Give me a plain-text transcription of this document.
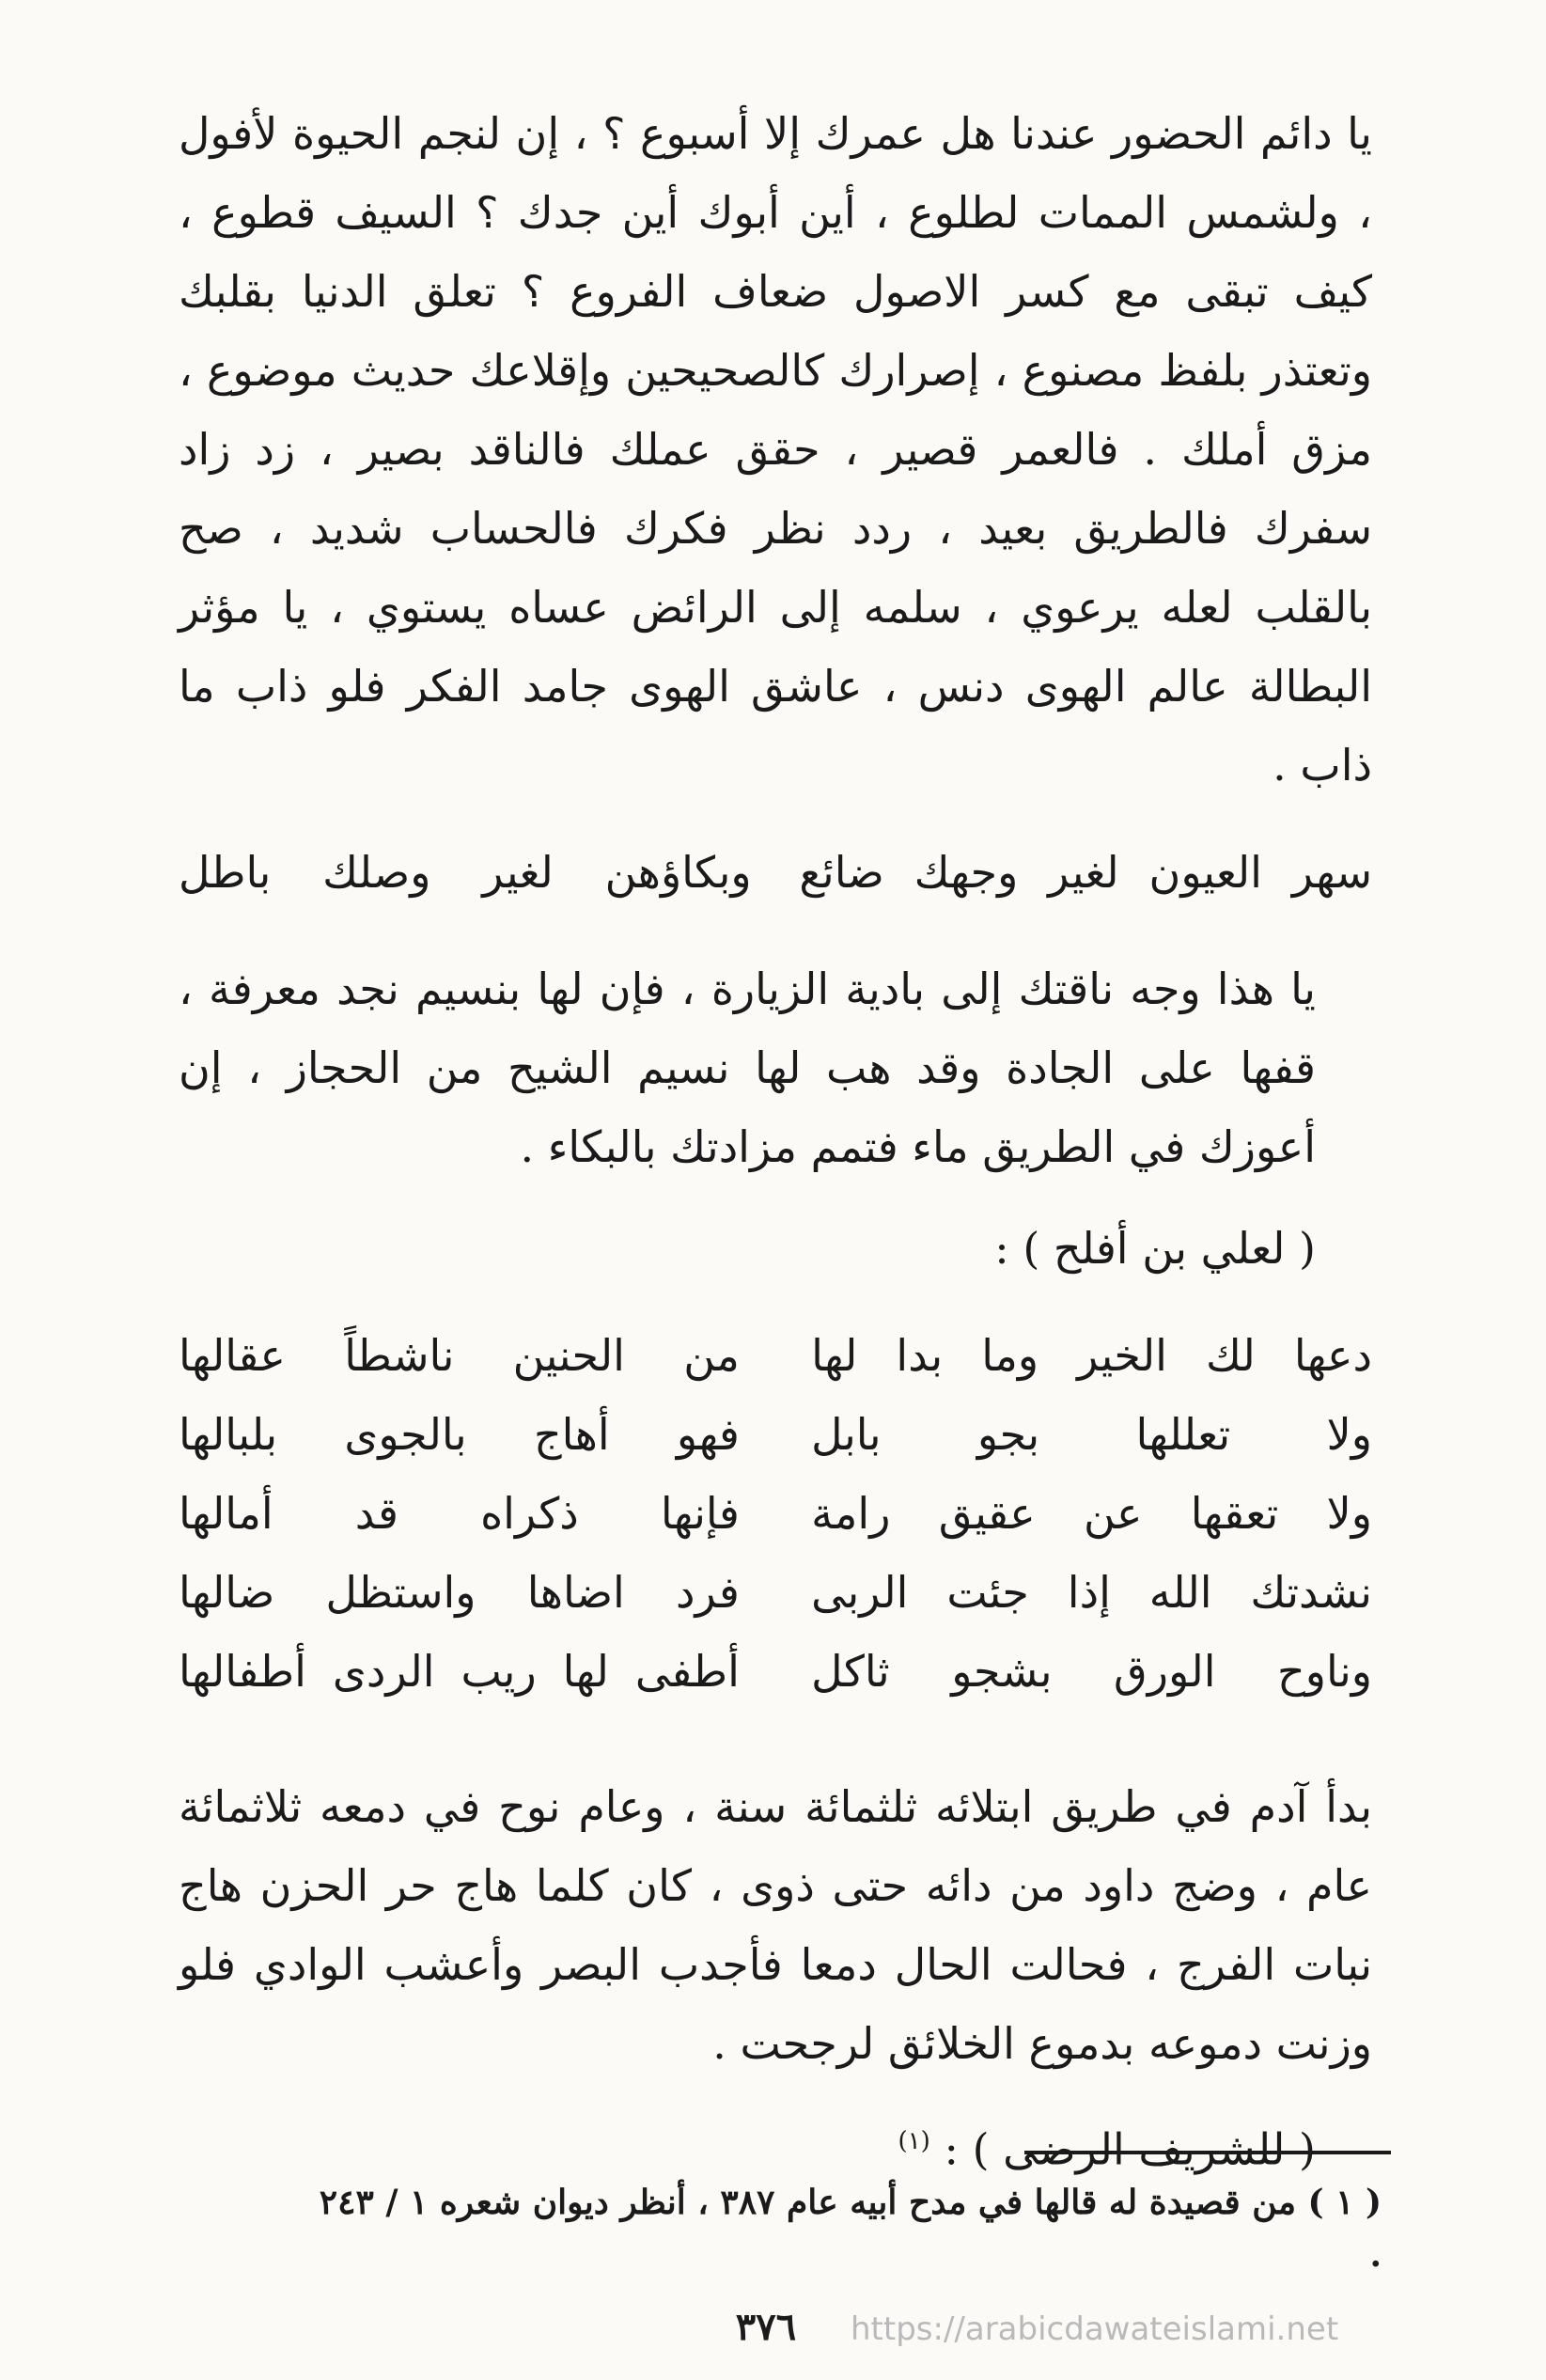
يا دائم الحضور عندنا هل عمرك إلا أسبوع ؟ ، إن لنجم الحيوة لأفول ، ولشمس الممات لطلوع ، أين أبوك أين جدك ؟ السيف قطوع ، كيف تبقى مع كسر الاصول ضعاف الفروع ؟ تعلق الدنيا بقلبك وتعتذر بلفظ مصنوع ، إصرارك كالصحيحين وإقلاعك حديث موضوع ، مزق أملك . فالعمر قصير ، حقق عملك فالناقد بصير ، زد زاد سفرك فالطريق بعيد ، ردد نظر فكرك فالحساب شديد ، صح بالقلب لعله يرعوي ، سلمه إلى الرائض عساه يستوي ، يا مؤثر البطالة عالم الهوى دنس ، عاشق الهوى جامد الفكر فلو ذاب ما ذاب .

سهر العيون لغير وجهك ضائع
وبكاؤهن لغير وصلك باطل

يا هذا وجه ناقتك إلى بادية الزيارة ، فإن لها بنسيم نجد معرفة ، قفها على الجادة وقد هب لها نسيم الشيح من الحجاز ، إن أعوزك في الطريق ماء فتمم مزادتك بالبكاء .

( لعلي بن أفلح ) :
دعها لك الخير وما بدا لها
من الحنين ناشطاً عقالها
ولا تعللها بجو بابل
فهو أهاج بالجوى بلبالها
ولا تعقها عن عقيق رامة
فإنها ذكراه قد أمالها
نشدتك الله إذا جئت الربى
فرد اضاها واستظل ضالها
وناوح الورق بشجو ثاكل
أطفى لها ريب الردى أطفالها

بدأ آدم في طريق ابتلائه ثلثمائة سنة ، وعام نوح في دمعه ثلاثمائة عام ، وضج داود من دائه حتى ذوى ، كان كلما هاج حر الحزن هاج نبات الفرج ، فحالت الحال دمعا فأجدب البصر وأعشب الوادي فلو وزنت دموعه بدموع الخلائق لرجحت .

( للشريف الرضى ) : $^{(١)}$
( ١ ) من قصيدة له قالها في مدح أبيه عام ٣٨٧ ، أنظر ديوان شعره ١ / ٢٤٣ .
٣٧٦	https://arabicdawateislami.net
